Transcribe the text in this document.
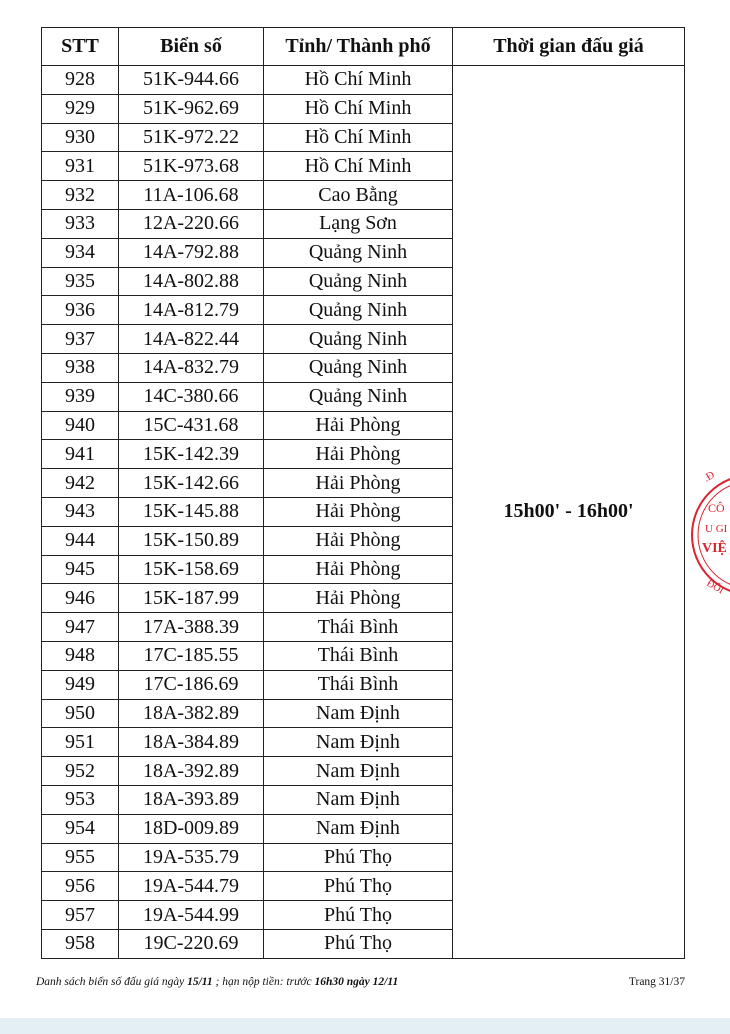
STT	Biển số	Tỉnh/ Thành phố	Thời gian đấu giá
928	51K-944.66	Hồ Chí Minh	15h00' - 16h00'
929	51K-962.69	Hồ Chí Minh	
930	51K-972.22	Hồ Chí Minh	
931	51K-973.68	Hồ Chí Minh	
932	11A-106.68	Cao Bằng	
933	12A-220.66	Lạng Sơn	
934	14A-792.88	Quảng Ninh	
935	14A-802.88	Quảng Ninh	
936	14A-812.79	Quảng Ninh	
937	14A-822.44	Quảng Ninh	
938	14A-832.79	Quảng Ninh	
939	14C-380.66	Quảng Ninh	
940	15C-431.68	Hải Phòng	
941	15K-142.39	Hải Phòng	
942	15K-142.66	Hải Phòng	
943	15K-145.88	Hải Phòng	
944	15K-150.89	Hải Phòng	
945	15K-158.69	Hải Phòng	
946	15K-187.99	Hải Phòng	
947	17A-388.39	Thái Bình	
948	17C-185.55	Thái Bình	
949	17C-186.69	Thái Bình	
950	18A-382.89	Nam Định	
951	18A-384.89	Nam Định	
952	18A-392.89	Nam Định	
953	18A-393.89	Nam Định	
954	18D-009.89	Nam Định	
955	19A-535.79	Phú Thọ	
956	19A-544.79	Phú Thọ	
957	19A-544.99	Phú Thọ	
958	19C-220.69	Phú Thọ	
Danh sách biển số đấu giá ngày 15/11 ; hạn nộp tiền: trước 16h30 ngày 12/11	Trang 31/37
.Đ
CÔ
U GI
VIỆ
ĐỐI
